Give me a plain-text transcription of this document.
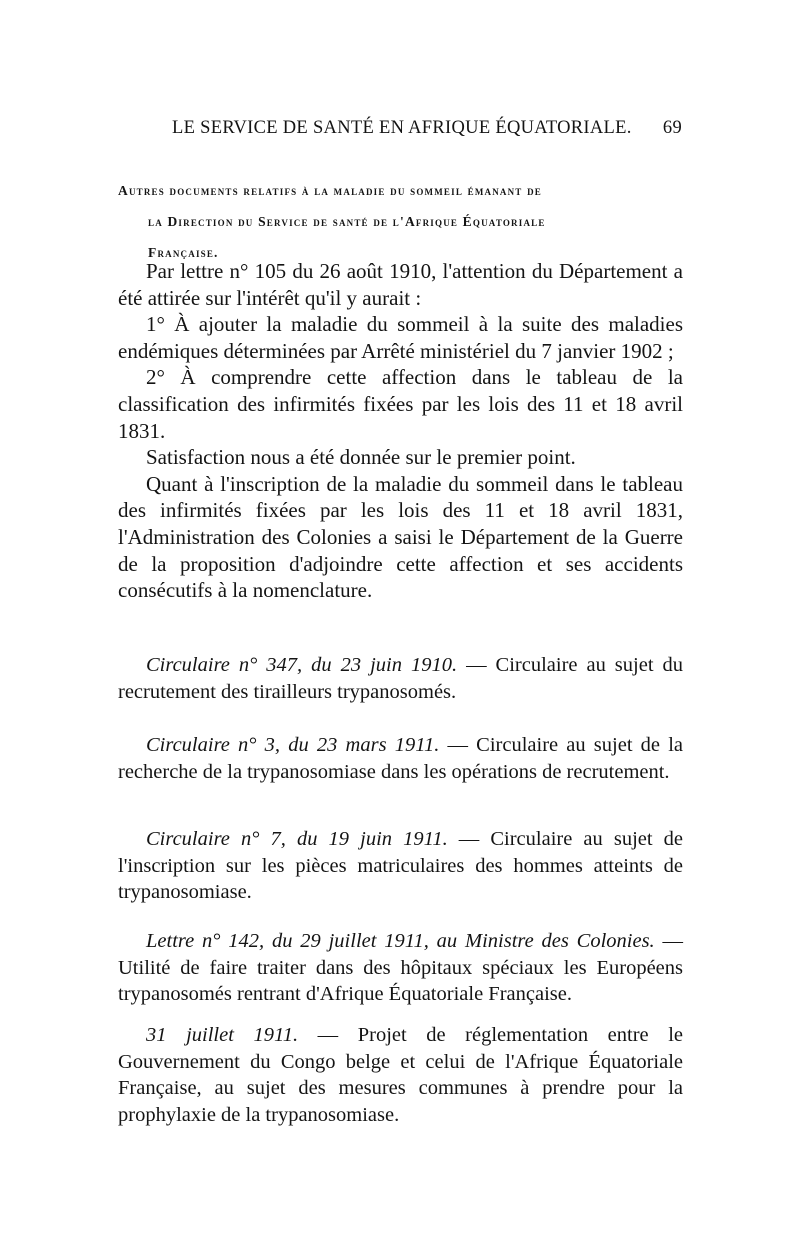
LE SERVICE DE SANTÉ EN AFRIQUE ÉQUATORIALE. 69
Autres documents relatifs à la maladie du sommeil émanant de
la Direction du Service de santé de l'Afrique Équatoriale
Française.

Par lettre n° 105 du 26 août 1910, l'attention du Département a été attirée sur l'intérêt qu'il y aurait :

1° À ajouter la maladie du sommeil à la suite des maladies endémiques déterminées par Arrêté ministériel du 7 janvier 1902 ;

2° À comprendre cette affection dans le tableau de la classification des infirmités fixées par les lois des 11 et 18 avril 1831.

Satisfaction nous a été donnée sur le premier point.

Quant à l'inscription de la maladie du sommeil dans le tableau des infirmités fixées par les lois des 11 et 18 avril 1831, l'Administration des Colonies a saisi le Département de la Guerre de la proposition d'adjoindre cette affection et ses accidents consécutifs à la nomenclature.

Circulaire n° 347, du 23 juin 1910. — Circulaire au sujet du recrutement des tirailleurs trypanosomés.
Circulaire n° 3, du 23 mars 1911. — Circulaire au sujet de la recherche de la trypanosomiase dans les opérations de recrutement.
Circulaire n° 7, du 19 juin 1911. — Circulaire au sujet de l'inscription sur les pièces matriculaires des hommes atteints de trypanosomiase.
Lettre n° 142, du 29 juillet 1911, au Ministre des Colonies. — Utilité de faire traiter dans des hôpitaux spéciaux les Européens trypanosomés rentrant d'Afrique Équatoriale Française.
31 juillet 1911. — Projet de réglementation entre le Gouvernement du Congo belge et celui de l'Afrique Équatoriale Française, au sujet des mesures communes à prendre pour la prophylaxie de la trypanosomiase.
